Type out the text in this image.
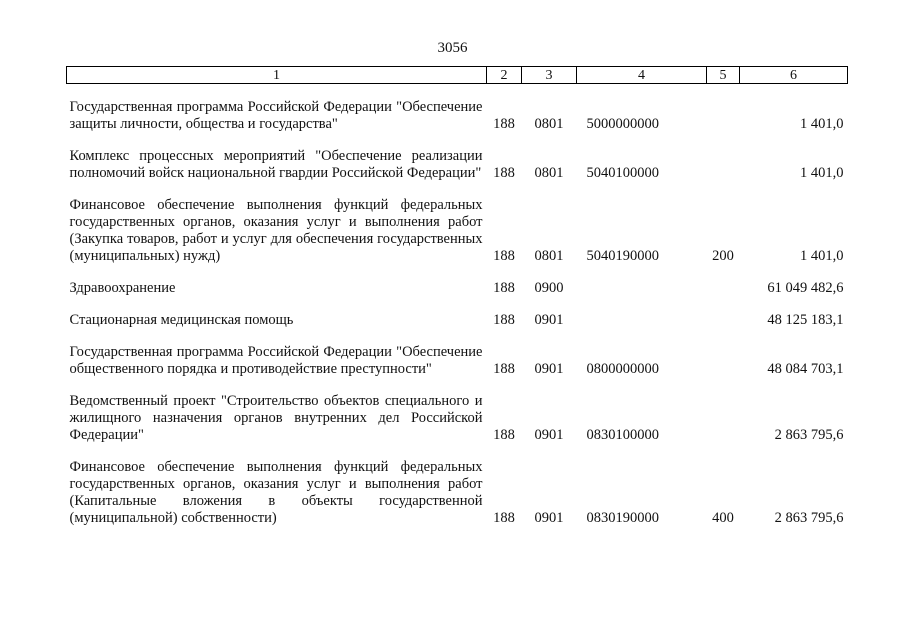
3056
1	2	3	4	5	6

Государственная программа Российской Федерации "Обеспечение защиты личности, общества и государства"	188	0801	5000000000		1 401,0

Комплекс процессных мероприятий "Обеспечение реализации полномочий войск национальной гвардии Российской Федерации"	188	0801	5040100000		1 401,0

Финансовое обеспечение выполнения функций федеральных государственных органов, оказания услуг и выполнения работ (Закупка товаров, работ и услуг для обеспечения государственных (муниципальных) нужд)	188	0801	5040190000	200	1 401,0

Здравоохранение	188	0900			61 049 482,6

Стационарная медицинская помощь	188	0901			48 125 183,1

Государственная программа Российской Федерации "Обеспечение общественного порядка и противодействие преступности"	188	0901	0800000000		48 084 703,1

Ведомственный проект "Строительство объектов специального и жилищного назначения органов внутренних дел Российской Федерации"	188	0901	0830100000		2 863 795,6

Финансовое обеспечение выполнения функций федеральных государственных органов, оказания услуг и выполнения работ (Капитальные вложения в объекты государственной (муниципальной) собственности)	188	0901	0830190000	400	2 863 795,6
